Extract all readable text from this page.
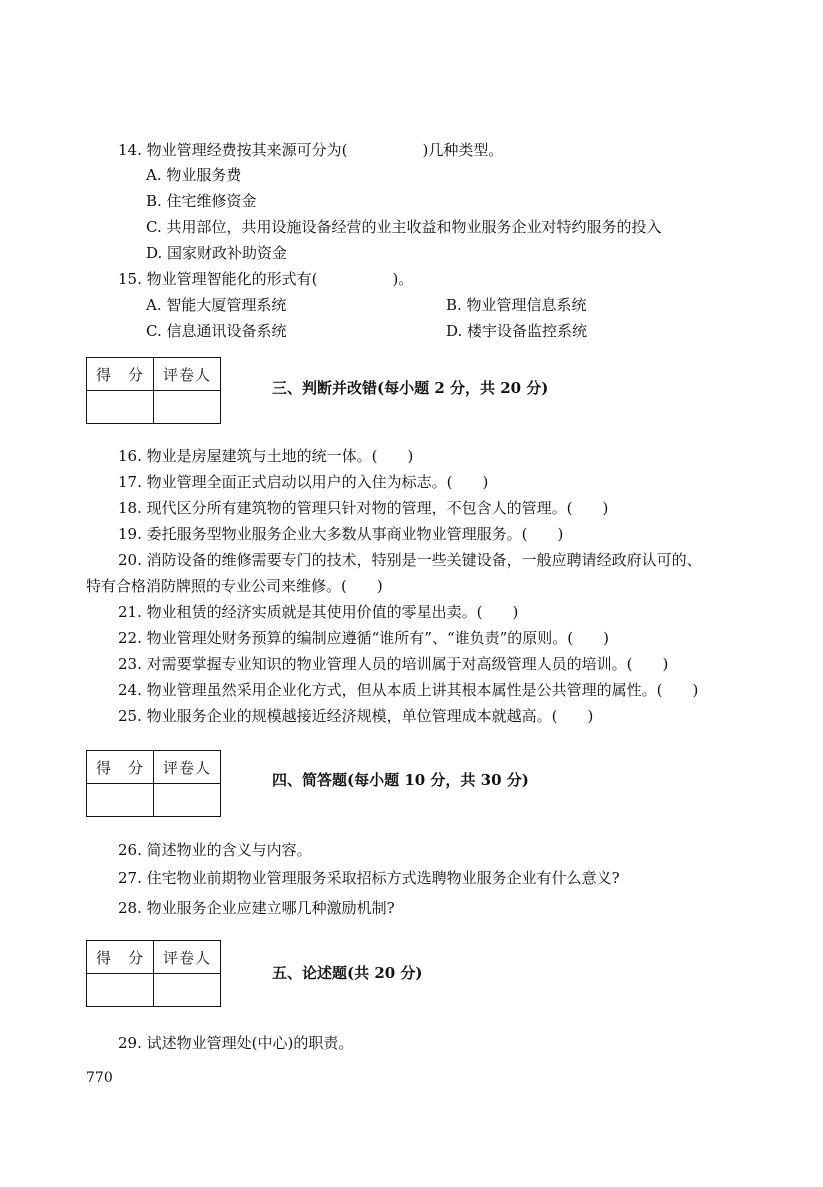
14. 物业管理经费按其来源可分为(　　　　　)几种类型。
A. 物业服务费
B. 住宅维修资金
C. 共用部位，共用设施设备经营的业主收益和物业服务企业对特约服务的投入
D. 国家财政补助资金
15. 物业管理智能化的形式有(　　　　　)。
A. 智能大厦管理系统	B. 物业管理信息系统
C. 信息通讯设备系统	D. 楼宇设备监控系统
得　分	评卷人

三、判断并改错(每小题 2 分，共 20 分)
16. 物业是房屋建筑与土地的统一体。(　　)
17. 物业管理全面正式启动以用户的入住为标志。(　　)
18. 现代区分所有建筑物的管理只针对物的管理，不包含人的管理。(　　)
19. 委托服务型物业服务企业大多数从事商业物业管理服务。(　　)
20. 消防设备的维修需要专门的技术，特别是一些关键设备，一般应聘请经政府认可的、
特有合格消防牌照的专业公司来维修。(　　)
21. 物业租赁的经济实质就是其使用价值的零星出卖。(　　)
22. 物业管理处财务预算的编制应遵循“谁所有”、“谁负责”的原则。(　　)
23. 对需要掌握专业知识的物业管理人员的培训属于对高级管理人员的培训。(　　)
24. 物业管理虽然采用企业化方式，但从本质上讲其根本属性是公共管理的属性。(　　)
25. 物业服务企业的规模越接近经济规模，单位管理成本就越高。(　　)
得　分	评卷人

四、简答题(每小题 10 分，共 30 分)
26. 简述物业的含义与内容。
27. 住宅物业前期物业管理服务采取招标方式选聘物业服务企业有什么意义?
28. 物业服务企业应建立哪几种激励机制?
得　分	评卷人

五、论述题(共 20 分)
29. 试述物业管理处(中心)的职责。
770
